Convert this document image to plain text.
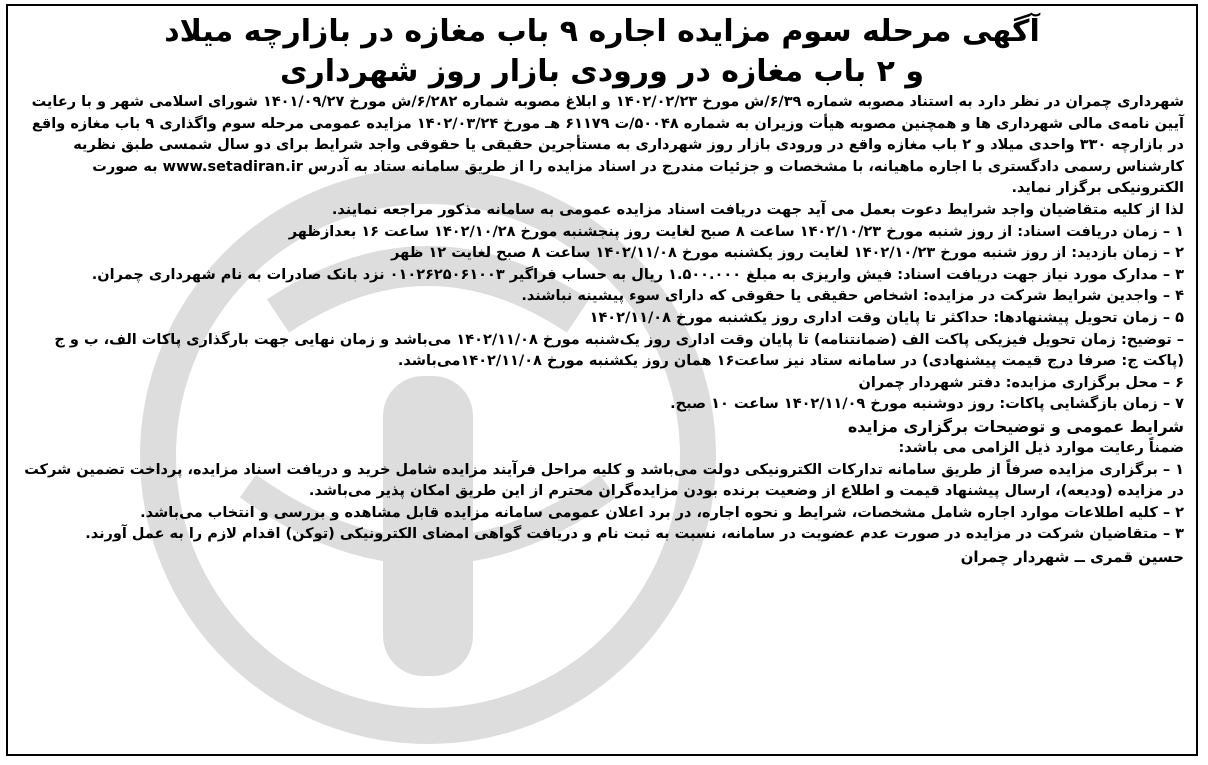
آگهی مرحله سوم مزایده اجاره ۹ باب مغازه در بازارچه میلاد
و ۲ باب مغازه در ورودی بازار روز شهرداری

شهرداری چمران در نظر دارد به استناد مصوبه شماره ۶/۳۹/ش مورخ ۱۴۰۲/۰۲/۲۳ و ابلاغ مصوبه شماره ۶/۲۸۲/ش مورخ ۱۴۰۱/۰۹/۲۷ شورای اسلامی شهر و با رعایت آیین نامه‌ی مالی شهرداری ها و همچنین مصوبه هیأت وزیران به شماره ۵۰۰۴۸/ت ۶۱۱۷۹ هـ مورخ ۱۴۰۲/۰۳/۲۴ مزایده عمومی مرحله سوم واگذاری ۹ باب مغازه واقع در بازارچه ۳۳۰ واحدی میلاد و ۲ باب مغازه واقع در ورودی بازار روز شهرداری به مستأجرین حقیقی یا حقوقی واجد شرایط برای دو سال شمسی طبق نظریه کارشناس رسمی دادگستری با اجاره ماهیانه، با مشخصات و جزئیات مندرج در اسناد مزایده را از طریق سامانه ستاد به آدرس www.setadiran.ir به صورت الکترونیکی برگزار نماید.

لذا از کلیه متقاضیان واجد شرایط دعوت بعمل می آید جهت دریافت اسناد مزایده عمومی به سامانه مذکور مراجعه نمایند.

۱ – زمان دریافت اسناد: از روز شنبه مورخ ۱۴۰۲/۱۰/۲۳ ساعت ۸ صبح لغایت روز پنجشنبه مورخ ۱۴۰۲/۱۰/۲۸ ساعت ۱۶ بعدازظهر

۲ – زمان بازدید: از روز شنبه مورخ ۱۴۰۲/۱۰/۲۳ لغایت روز یکشنبه مورخ ۱۴۰۲/۱۱/۰۸ ساعت ۸ صبح لغایت ۱۲ ظهر

۳ – مدارک مورد نیاز جهت دریافت اسناد: فیش واریزی به مبلغ ۱.۵۰۰.۰۰۰ ریال به حساب فراگیر ۰۱۰۲۶۲۵۰۶۱۰۰۳ نزد بانک صادرات به نام شهرداری چمران.

۴ – واجدین شرایط شرکت در مزایده: اشخاص حقیقی یا حقوقی که دارای سوء پیشینه نباشند.

۵ – زمان تحویل پیشنهادها: حداکثر تا پایان وقت اداری روز یکشنبه مورخ ۱۴۰۲/۱۱/۰۸

– توضیح: زمان تحویل فیزیکی پاکت الف (ضمانتنامه) تا پایان وقت اداری روز یک‌شنبه مورخ ۱۴۰۲/۱۱/۰۸ می‌باشد و زمان نهایی جهت بارگذاری پاکات الف، ب و ج (پاکت ج: صرفا درج قیمت پیشنهادی) در سامانه ستاد نیز ساعت۱۶ همان روز یکشنبه مورخ ۱۴۰۲/۱۱/۰۸می‌باشد.

۶ – محل برگزاری مزایده: دفتر شهردار چمران

۷ – زمان بازگشایی پاکات: روز دوشنبه مورخ ۱۴۰۲/۱۱/۰۹ ساعت ۱۰ صبح.

شرایط عمومی و توضیحات برگزاری مزایده

ضمناً رعایت موارد ذیل الزامی می باشد:

۱ – برگزاری مزایده صرفاً از طریق سامانه تدارکات الکترونیکی دولت می‌باشد و کلیه مراحل فرآیند مزایده شامل خرید و دریافت اسناد مزایده، پرداخت تضمین شرکت در مزایده (ودیعه)، ارسال پیشنهاد قیمت و اطلاع از وضعیت برنده بودن مزایده‌گران محترم از این طریق امکان پذیر می‌باشد.

۲ – کلیه اطلاعات موارد اجاره شامل مشخصات، شرایط و نحوه اجاره، در برد اعلان عمومی سامانه مزایده قابل مشاهده و بررسی و انتخاب می‌باشد.

۳ – متقاضیان شرکت در مزایده در صورت عدم عضویت در سامانه، نسبت به ثبت نام و دریافت گواهی امضای الکترونیکی (توکن) اقدام لازم را به عمل آورند.

حسین قمری ــ شهردار چمران
